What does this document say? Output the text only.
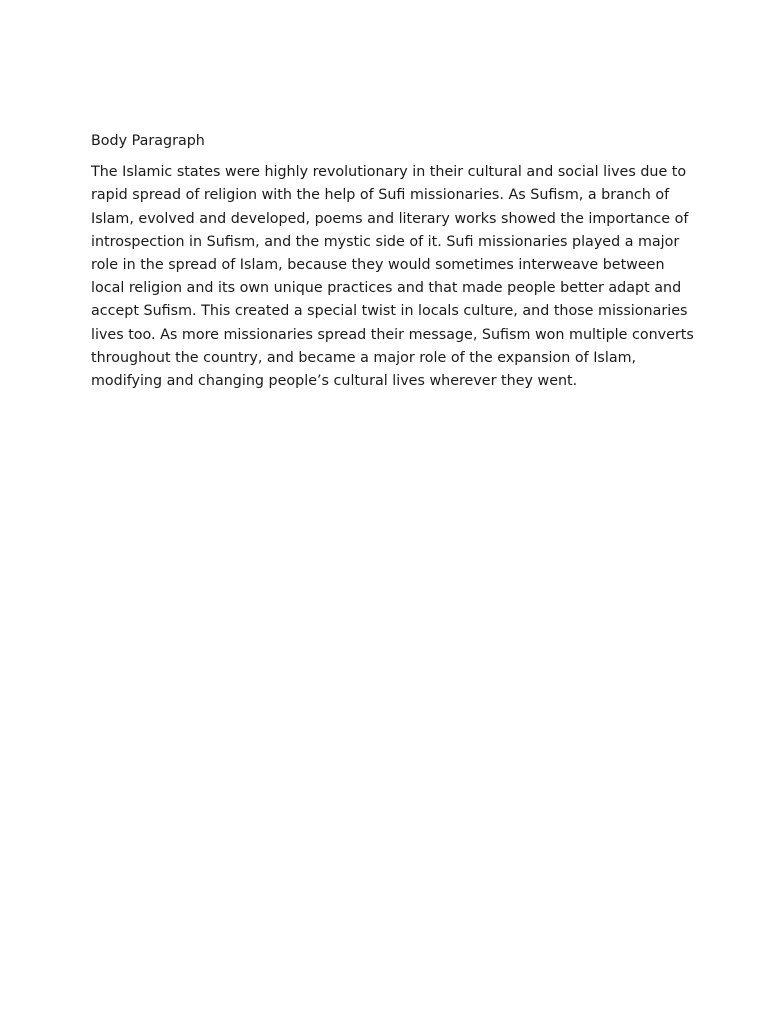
Body Paragraph
The Islamic states were highly revolutionary in their cultural and social lives due to
rapid spread of religion with the help of Sufi missionaries. As Sufism, a branch of
Islam, evolved and developed, poems and literary works showed the importance of
introspection in Sufism, and the mystic side of it. Sufi missionaries played a major
role in the spread of Islam, because they would sometimes interweave between
local religion and its own unique practices and that made people better adapt and
accept Sufism. This created a special twist in locals culture, and those missionaries
lives too. As more missionaries spread their message, Sufism won multiple converts
throughout the country, and became a major role of the expansion of Islam,
modifying and changing people’s cultural lives wherever they went.
